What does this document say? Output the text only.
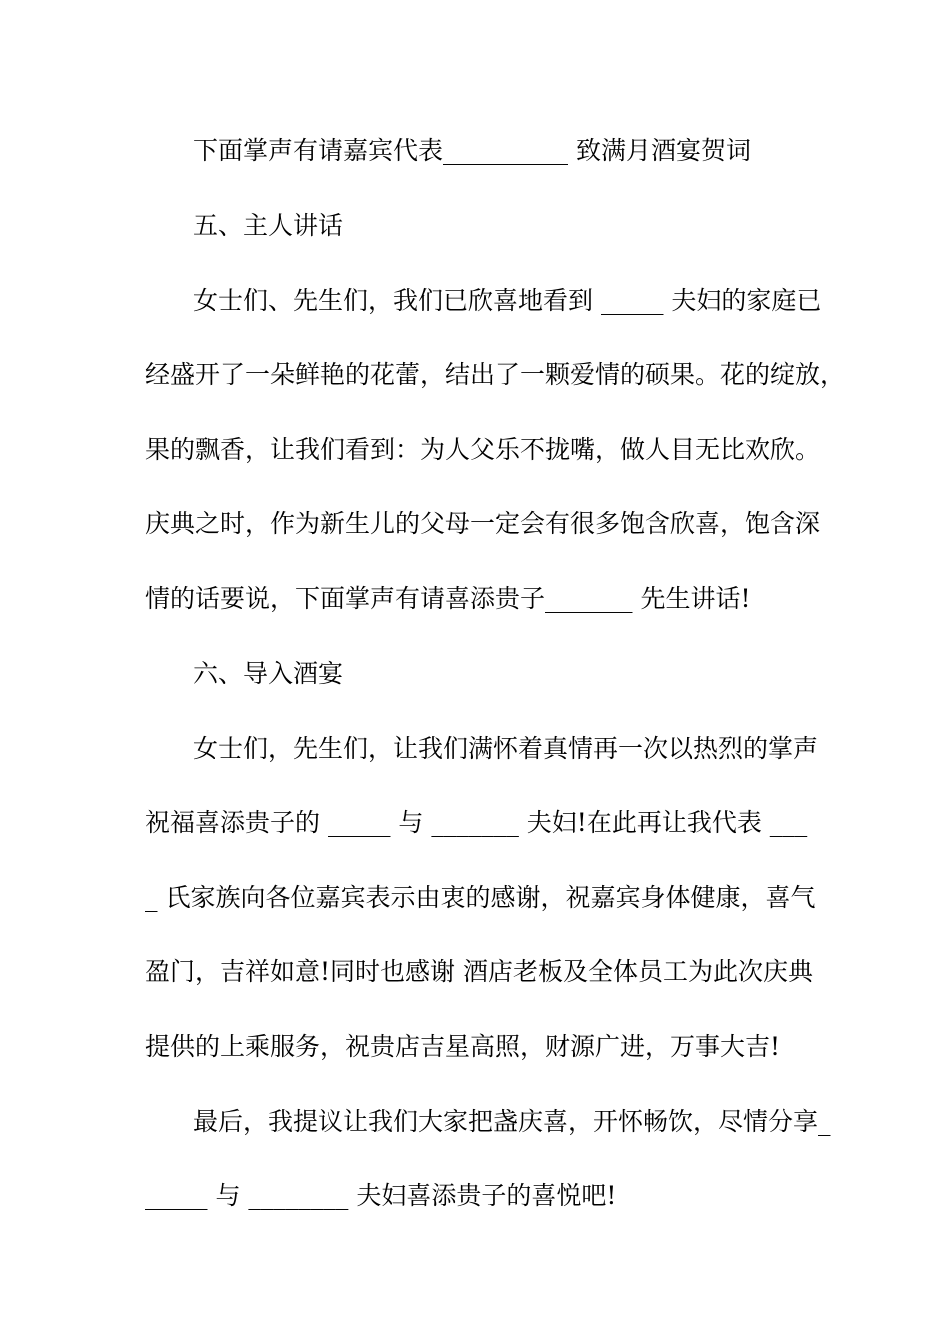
下面掌声有请嘉宾代表__________ 致满月酒宴贺词
五、主人讲话
女士们、先生们，我们已欣喜地看到 _____ 夫妇的家庭已
经盛开了一朵鲜艳的花蕾，结出了一颗爱情的硕果。花的绽放，
果的飘香，让我们看到：为人父乐不拢嘴，做人目无比欢欣。
庆典之时，作为新生儿的父母一定会有很多饱含欣喜，饱含深
情的话要说，下面掌声有请喜添贵子_______ 先生讲话!
六、导入酒宴
女士们，先生们，让我们满怀着真情再一次以热烈的掌声
祝福喜添贵子的 _____ 与 _______ 夫妇!在此再让我代表 ___
_ 氏家族向各位嘉宾表示由衷的感谢，祝嘉宾身体健康，喜气
盈门，吉祥如意!同时也感谢 酒店老板及全体员工为此次庆典
提供的上乘服务，祝贵店吉星高照，财源广进，万事大吉!
最后，我提议让我们大家把盏庆喜，开怀畅饮，尽情分享_
_____ 与 ________ 夫妇喜添贵子的喜悦吧!
